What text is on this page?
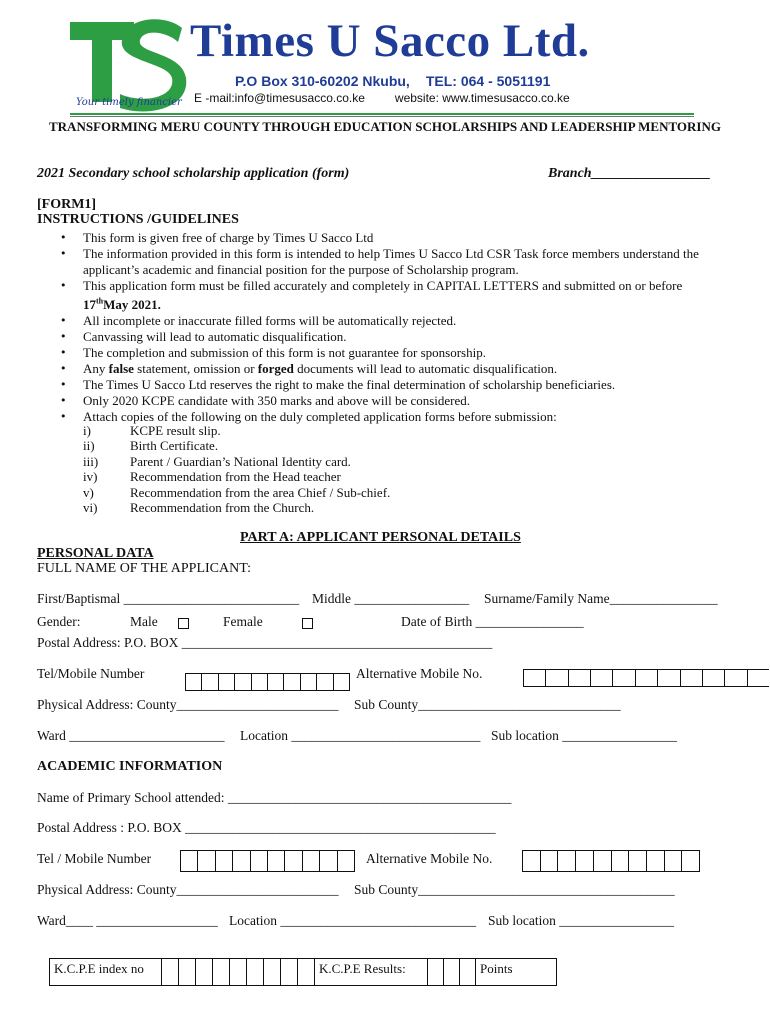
Times U Sacco Ltd.
P.O Box 310-60202 Nkubu, TEL: 064 - 5051191
E -mail:info@timesusacco.co.ke	website: www.timesusacco.co.ke
Your timely financier
TRANSFORMING MERU COUNTY THROUGH EDUCATION SCHOLARSHIPS AND LEADERSHIP MENTORING
2021 Secondary school scholarship application (form)	Branch_________________
[FORM1]
INSTRUCTIONS /GUIDELINES
• This form is given free of charge by Times U Sacco Ltd
• The information provided in this form is intended to help Times U Sacco Ltd CSR Task force members understand the applicant’s academic and financial position for the purpose of Scholarship program.
• This application form must be filled accurately and completely in CAPITAL LETTERS and submitted on or before 17thMay 2021.
• All incomplete or inaccurate filled forms will be automatically rejected.
• Canvassing will lead to automatic disqualification.
• The completion and submission of this form is not guarantee for sponsorship.
• Any false statement, omission or forged documents will lead to automatic disqualification.
• The Times U Sacco Ltd reserves the right to make the final determination of scholarship beneficiaries.
• Only 2020 KCPE candidate with 350 marks and above will be considered.
• Attach copies of the following on the duly completed application forms before submission:
i)	KCPE result slip.
ii)	Birth Certificate.
iii) Parent / Guardian’s National Identity card.
iv)	Recommendation from the Head teacher
v)	Recommendation from the area Chief / Sub-chief.
vi)	Recommendation from the Church.
PART A: APPLICANT PERSONAL DETAILS
PERSONAL DATA
FULL NAME OF THE APPLICANT:
First/Baptismal __________________________ Middle _________________ Surname/Family Name________________
Gender:	Male	Female	Date of Birth ________________
Postal Address: P.O. BOX ______________________________________________
Tel/Mobile Number	Alternative Mobile No.
Physical Address: County________________________ Sub County______________________________
Ward _______________________ Location ____________________________ Sub location _________________
ACADEMIC INFORMATION
Name of Primary School attended: __________________________________________
Postal Address : P.O. BOX ______________________________________________
Tel / Mobile Number	Alternative Mobile No.
Physical Address: County________________________ Sub County______________________________________
Ward____ __________________ Location _____________________________ Sub location _________________
K.C.P.E index no	K.C.P.E Results:	Points
